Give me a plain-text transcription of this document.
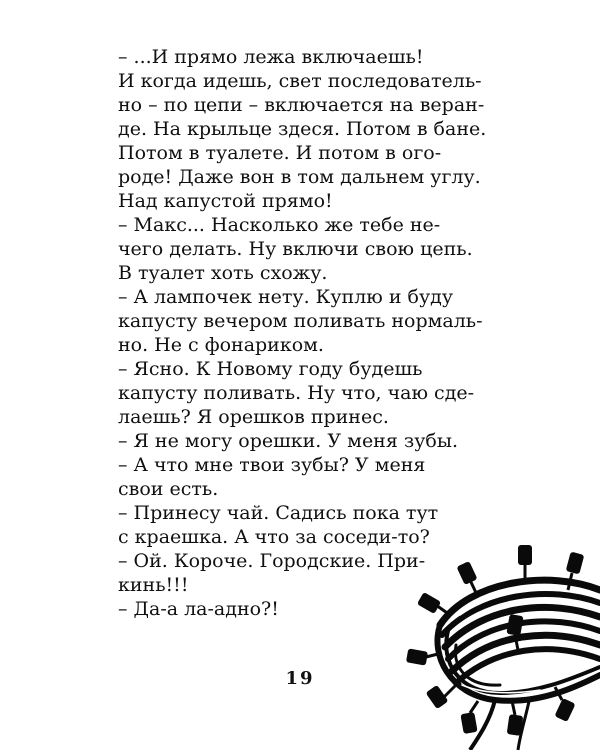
– ...И прямо лежа включаешь!
И когда идешь, свет последователь-
но – по цепи – включается на веран-
де. На крыльце здеся. Потом в бане.
Потом в туалете. И потом в ого-
роде! Даже вон в том дальнем углу.
Над капустой прямо!
– Макс... Насколько же тебе не-
чего делать. Ну включи свою цепь.
В туалет хоть схожу.
– А лампочек нету. Куплю и буду
капусту вечером поливать нормаль-
но. Не с фонариком.
– Ясно. К Новому году будешь
капусту поливать. Ну что, чаю сде-
лаешь? Я орешков принес.
– Я не могу орешки. У меня зубы.
– А что мне твои зубы? У меня
свои есть.
– Принесу чай. Садись пока тут
с краешка. А что за соседи-то?
– Ой. Короче. Городские. При-
кинь!!!
– Да-а ла-адно?!
19
